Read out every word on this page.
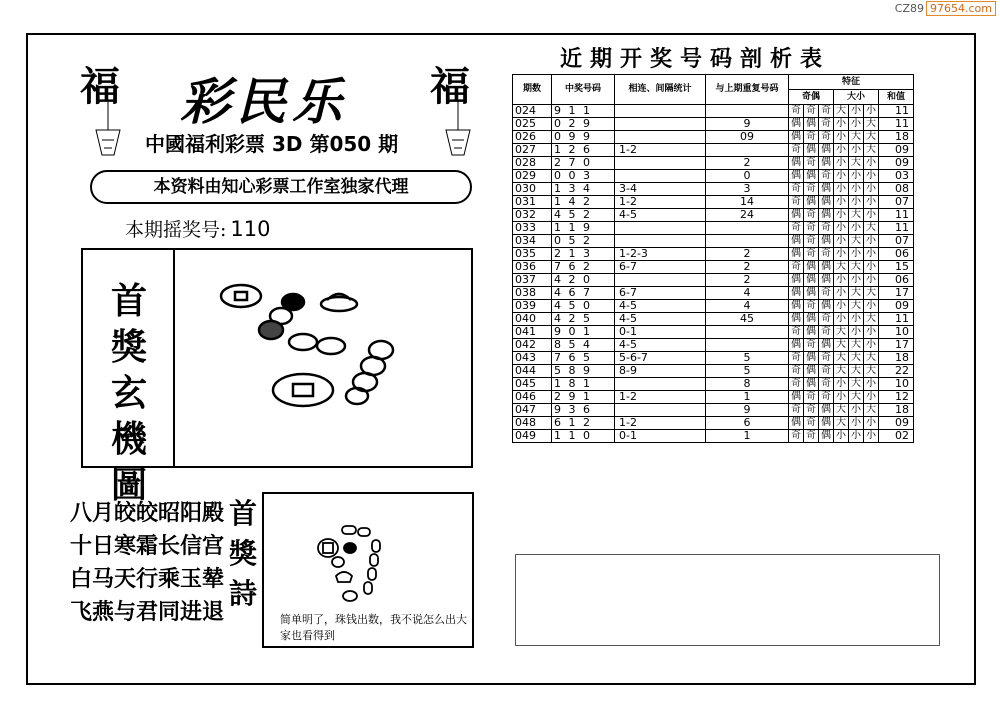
CZ89 97654.com
福	福
彩民乐
中國福利彩票 3D 第050 期
本资料由知心彩票工作室独家代理
本期摇奖号: 110
首
獎
玄
機
圖
八月皎皎昭阳殿
十日寒霜长信宫
白马天行乘玉辇
飞燕与君同进退
首
獎
詩
简单明了，珠钱出数，我不说怎么出大家也看得到
近期开奖号码剖析表
期数	中奖号码	相连、间隔统计	与上期重复号码	特征						
				奇偶			大小			和值
024	9 1 1			奇	奇	奇	大	小	小	11
025	0 2 9		9	偶	偶	奇	小	小	大	11
026	0 9 9		09	偶	奇	奇	小	大	大	18
027	1 2 6	1-2		奇	偶	偶	小	小	大	09
028	2 7 0		2	偶	奇	偶	小	大	小	09
029	0 0 3		0	偶	偶	奇	小	小	小	03
030	1 3 4	3-4	3	奇	奇	偶	小	小	小	08
031	1 4 2	1-2	14	奇	偶	偶	小	小	小	07
032	4 5 2	4-5	24	偶	奇	偶	小	大	小	11
033	1 1 9			奇	奇	奇	小	小	大	11
034	0 5 2			偶	奇	偶	小	大	小	07
035	2 1 3	1-2-3	2	偶	奇	奇	小	小	小	06
036	7 6 2	6-7	2	奇	偶	偶	大	大	小	15
037	4 2 0		2	偶	偶	偶	小	小	小	06
038	4 6 7	6-7	4	偶	偶	奇	小	大	大	17
039	4 5 0	4-5	4	偶	奇	偶	小	大	小	09
040	4 2 5	4-5	45	偶	偶	奇	小	小	大	11
041	9 0 1	0-1		奇	偶	奇	大	小	小	10
042	8 5 4	4-5		偶	奇	偶	大	大	小	17
043	7 6 5	5-6-7	5	奇	偶	奇	大	大	大	18
044	5 8 9	8-9	5	奇	偶	奇	大	大	大	22
045	1 8 1		8	奇	偶	奇	小	大	小	10
046	2 9 1	1-2	1	偶	奇	奇	小	大	小	12
047	9 3 6		9	奇	奇	偶	大	小	大	18
048	6 1 2	1-2	6	偶	奇	偶	大	小	小	09
049	1 1 0	0-1	1	奇	奇	偶	小	小	小	02
